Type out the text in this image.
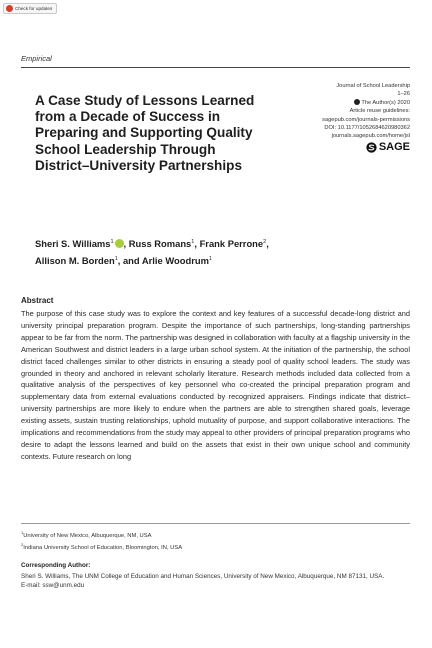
Check for updates
Empirical
Journal of School Leadership
1–26
The Author(s) 2020
Article reuse guidelines:
sagepub.com/journals-permissions
DOI: 10.1177/1052684620980362
journals.sagepub.com/home/jsl
SAGE
A Case Study of Lessons Learned from a Decade of Success in Preparing and Supporting Quality School Leadership Through District–University Partnerships
Sheri S. Williams$^1$ , Russ Romans$^1$, Frank Perrone$^2$,
Allison M. Borden$^1$, and Arlie Woodrum$^1$
Abstract
The purpose of this case study was to explore the context and key features of a successful decade-long district and university principal preparation program. Despite the importance of such partnerships, long-standing partnerships appear to be far from the norm. The partnership was designed in collaboration with faculty at a flagship university in the American Southwest and district leaders in a large urban school system. At the initiation of the partnership, the school district faced challenges similar to other districts in ensuring a steady pool of quality school leaders. The study was grounded in theory and anchored in relevant scholarly literature. Research methods included data collected from a qualitative analysis of the perspectives of key personnel who co-created the principal preparation program and supplementary data from external evaluations conducted by recognized appraisers. Findings indicate that district–university partnerships are more likely to endure when the partners are able to strengthen shared goals, leverage existing assets, sustain trusting relationships, uphold mutuality of purpose, and support collaborative interactions. The implications and recommendations from the study may appeal to other providers of principal preparation programs who desire to adapt the lessons learned and build on the assets that exist in their own unique school and community contexts. Future research on long
$^1$University of New Mexico, Albuquerque, NM, USA
$^2$Indiana University School of Education, Bloomington, IN, USA
Corresponding Author:
Sheri S. Williams, The UNM College of Education and Human Sciences, University of New Mexico, Albuquerque, NM 87131, USA.
E-mail: ssw@unm.edu
